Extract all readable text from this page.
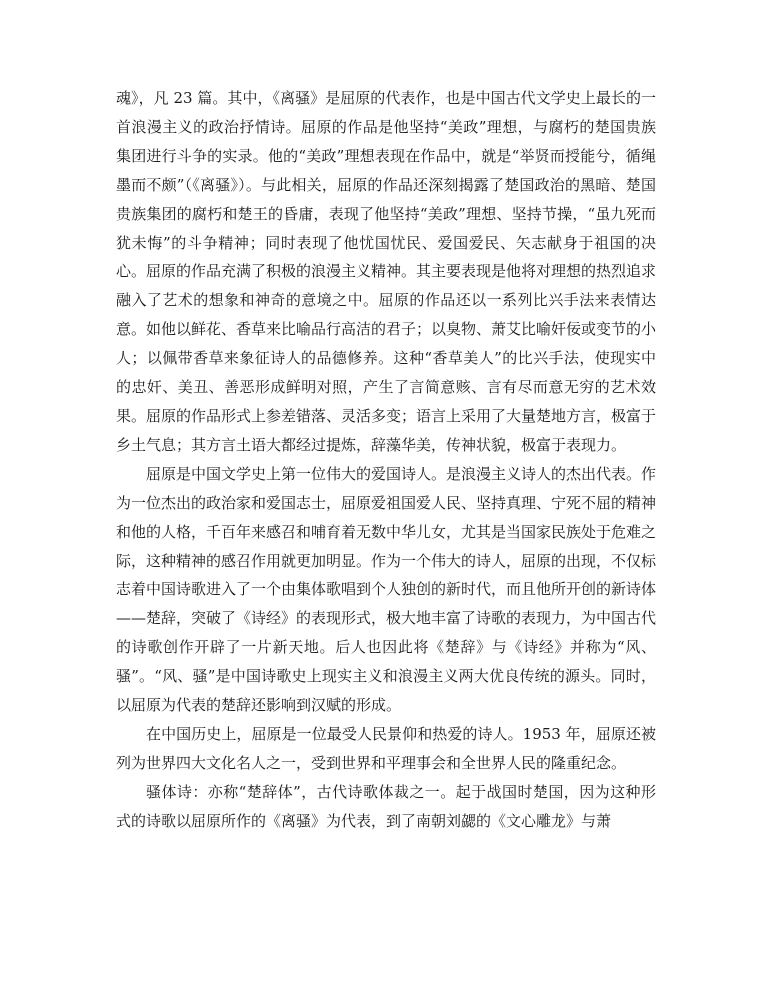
魂》，凡 23 篇。其中，《离骚》是屈原的代表作，也是中国古代文学史上最长的一首浪漫主义的政治抒情诗。屈原的作品是他坚持“美政”理想，与腐朽的楚国贵族集团进行斗争的实录。他的“美政”理想表现在作品中，就是“举贤而授能兮，循绳墨而不颇”（《离骚》）。与此相关，屈原的作品还深刻揭露了楚国政治的黑暗、楚国贵族集团的腐朽和楚王的昏庸，表现了他坚持“美政”理想、坚持节操，“虽九死而犹未悔”的斗争精神；同时表现了他忧国忧民、爱国爱民、矢志献身于祖国的决心。屈原的作品充满了积极的浪漫主义精神。其主要表现是他将对理想的热烈追求融入了艺术的想象和神奇的意境之中。屈原的作品还以一系列比兴手法来表情达意。如他以鲜花、香草来比喻品行高洁的君子；以臭物、萧艾比喻奸佞或变节的小人；以佩带香草来象征诗人的品德修养。这种“香草美人”的比兴手法，使现实中的忠奸、美丑、善恶形成鲜明对照，产生了言简意赅、言有尽而意无穷的艺术效果。屈原的作品形式上参差错落、灵活多变；语言上采用了大量楚地方言，极富于乡土气息；其方言土语大都经过提炼，辞藻华美，传神状貌，极富于表现力。

屈原是中国文学史上第一位伟大的爱国诗人。是浪漫主义诗人的杰出代表。作为一位杰出的政治家和爱国志士，屈原爱祖国爱人民、坚持真理、宁死不屈的精神和他的人格，千百年来感召和哺育着无数中华儿女，尤其是当国家民族处于危难之际，这种精神的感召作用就更加明显。作为一个伟大的诗人，屈原的出现，不仅标志着中国诗歌进入了一个由集体歌唱到个人独创的新时代，而且他所开创的新诗体——楚辞，突破了《诗经》的表现形式，极大地丰富了诗歌的表现力，为中国古代的诗歌创作开辟了一片新天地。后人也因此将《楚辞》与《诗经》并称为“风、骚”。“风、骚”是中国诗歌史上现实主义和浪漫主义两大优良传统的源头。同时，以屈原为代表的楚辞还影响到汉赋的形成。

在中国历史上，屈原是一位最受人民景仰和热爱的诗人。1953 年，屈原还被列为世界四大文化名人之一，受到世界和平理事会和全世界人民的隆重纪念。

骚体诗：亦称“楚辞体”，古代诗歌体裁之一。起于战国时楚国，因为这种形式的诗歌以屈原所作的《离骚》为代表，到了南朝刘勰的《文心雕龙》与萧
